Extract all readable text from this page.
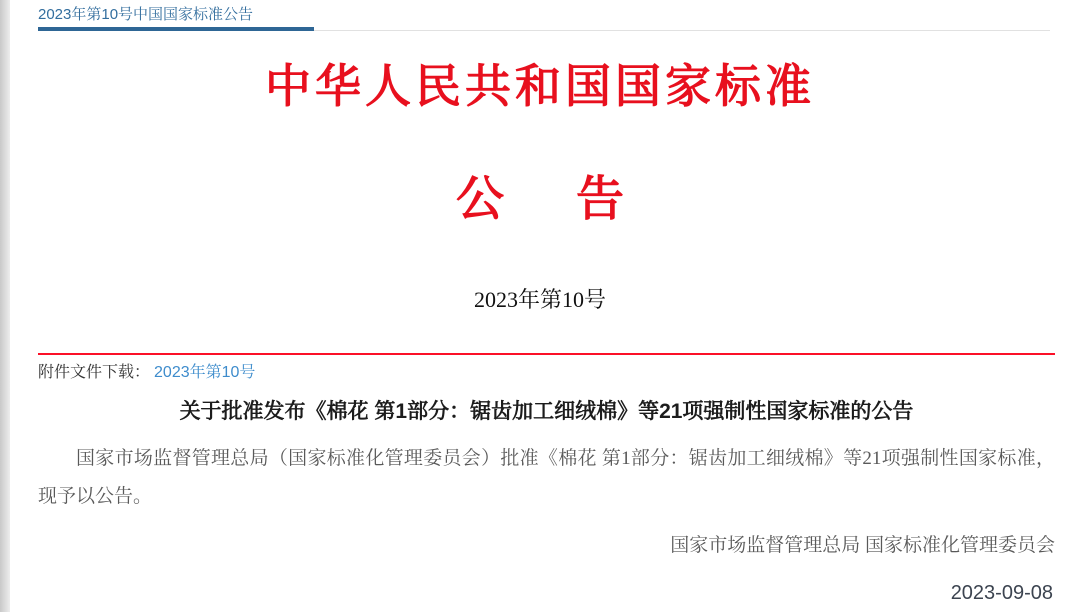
2023年第10号中国国家标准公告
中华人民共和国国家标准
公　告
2023年第10号
附件文件下载： 2023年第10号
关于批准发布《棉花 第1部分：锯齿加工细绒棉》等21项强制性国家标准的公告
国家市场监督管理总局（国家标准化管理委员会）批准《棉花 第1部分：锯齿加工细绒棉》等21项强制性国家标准，现予以公告。
国家市场监督管理总局 国家标准化管理委员会
2023-09-08
